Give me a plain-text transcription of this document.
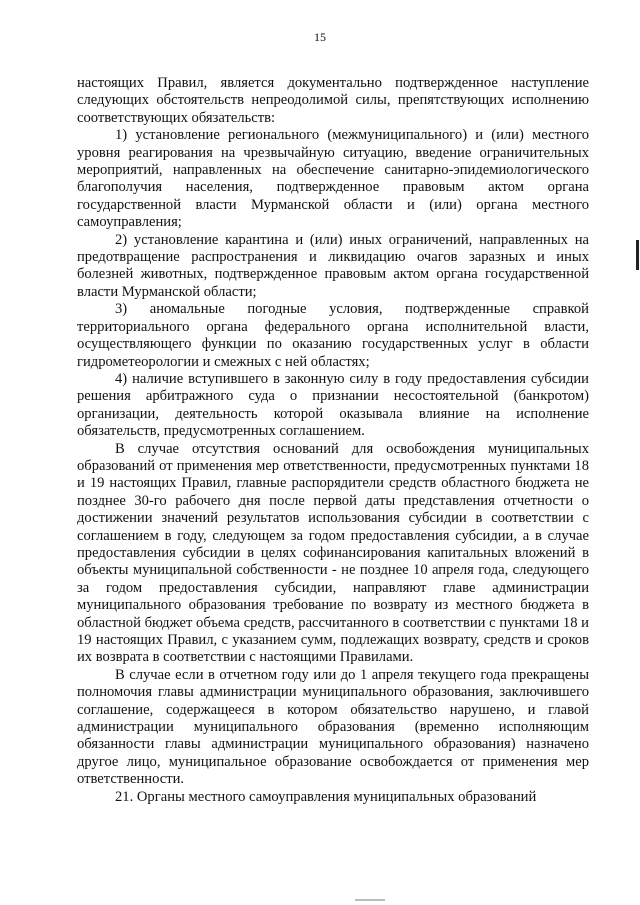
15

настоящих Правил, является документально подтвержденное наступление следующих обстоятельств непреодолимой силы, препятствующих исполнению соответствующих обязательств:

1) установление регионального (межмуниципального) и (или) местного уровня реагирования на чрезвычайную ситуацию, введение ограничительных мероприятий, направленных на обеспечение санитарно-эпидемиологического благополучия населения, подтвержденное правовым актом органа государственной власти Мурманской области и (или) органа местного самоуправления;

2) установление карантина и (или) иных ограничений, направленных на предотвращение распространения и ликвидацию очагов заразных и иных болезней животных, подтвержденное правовым актом органа государственной власти Мурманской области;

3) аномальные погодные условия, подтвержденные справкой территориального органа федерального органа исполнительной власти, осуществляющего функции по оказанию государственных услуг в области гидрометеорологии и смежных с ней областях;

4) наличие вступившего в законную силу в году предоставления субсидии решения арбитражного суда о признании несостоятельной (банкротом) организации, деятельность которой оказывала влияние на исполнение обязательств, предусмотренных соглашением.

В случае отсутствия оснований для освобождения муниципальных образований от применения мер ответственности, предусмотренных пунктами 18 и 19 настоящих Правил, главные распорядители средств областного бюджета не позднее 30-го рабочего дня после первой даты представления отчетности о достижении значений результатов использования субсидии в соответствии с соглашением в году, следующем за годом предоставления субсидии, а в случае предоставления субсидии в целях софинансирования капитальных вложений в объекты муниципальной собственности - не позднее 10 апреля года, следующего за годом предоставления субсидии, направляют главе администрации муниципального образования требование по возврату из местного бюджета в областной бюджет объема средств, рассчитанного в соответствии с пунктами 18 и 19 настоящих Правил, с указанием сумм, подлежащих возврату, средств и сроков их возврата в соответствии с настоящими Правилами.

В случае если в отчетном году или до 1 апреля текущего года прекращены полномочия главы администрации муниципального образования, заключившего соглашение, содержащееся в котором обязательство нарушено, и главой администрации муниципального образования (временно исполняющим обязанности главы администрации муниципального образования) назначено другое лицо, муниципальное образование освобождается от применения мер ответственности.

21. Органы местного самоуправления муниципальных образований
